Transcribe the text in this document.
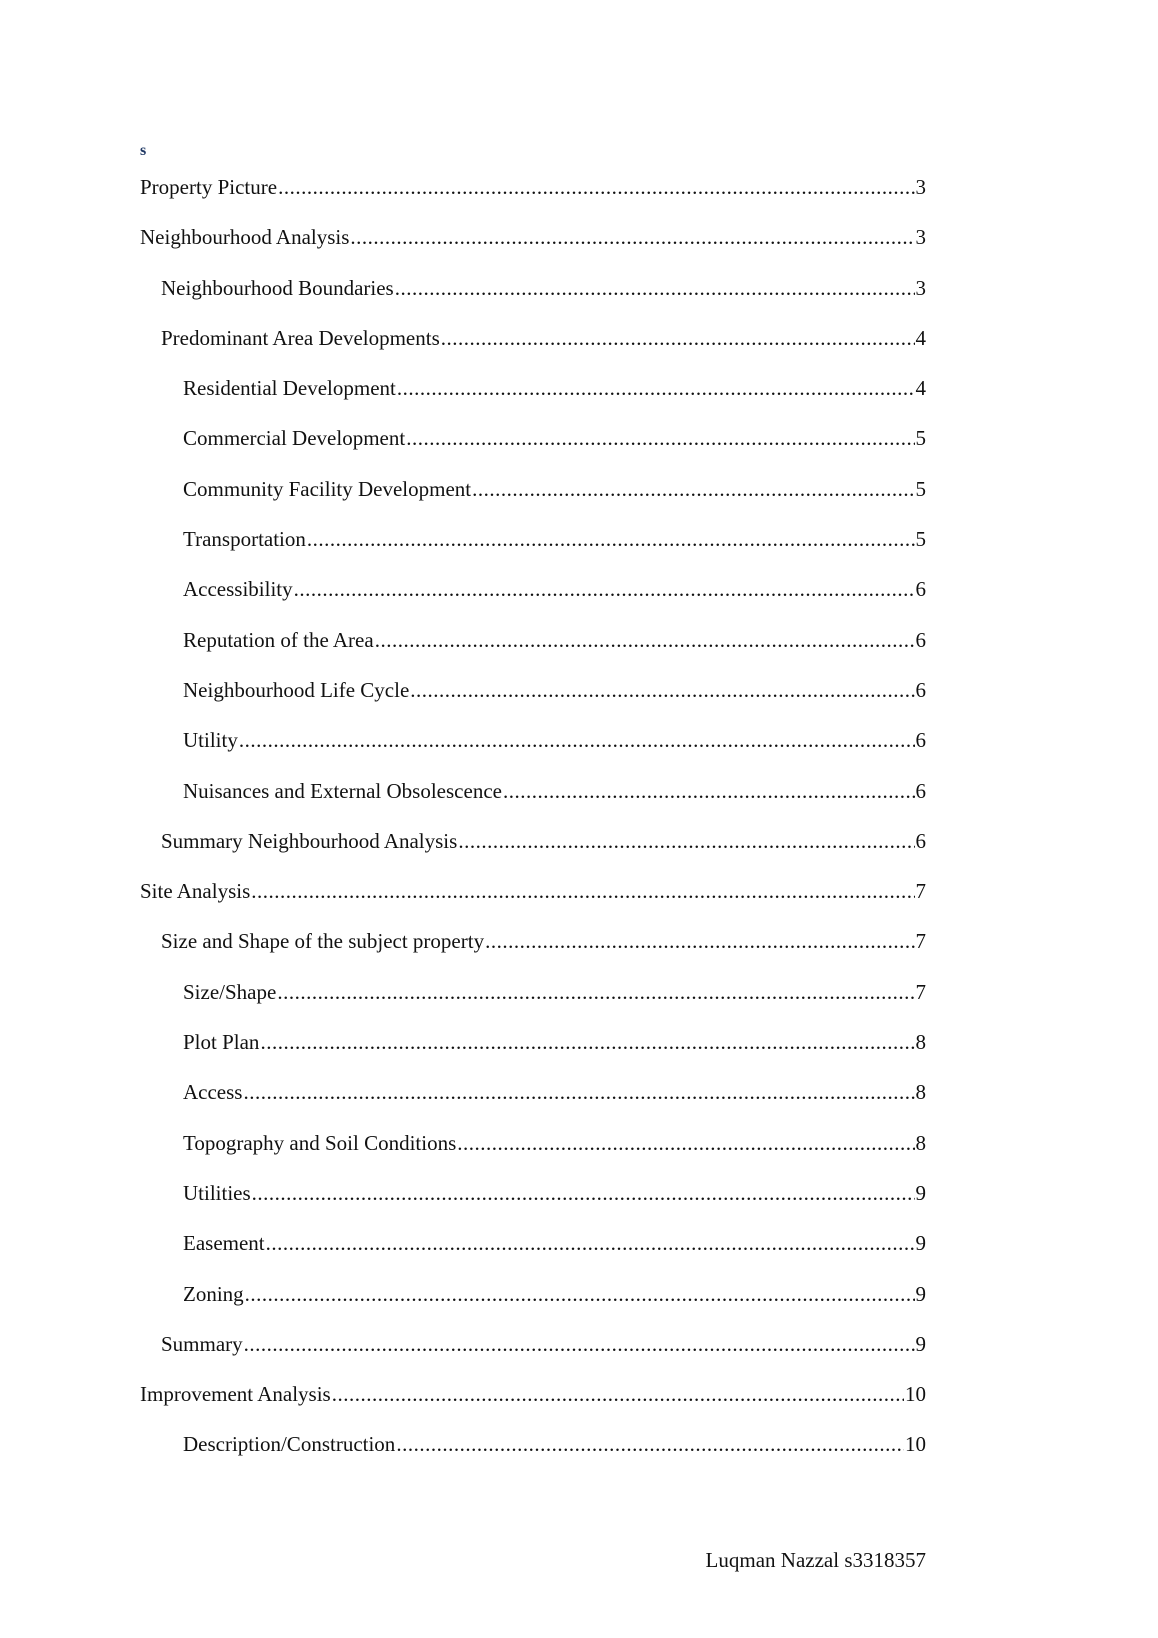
s
Property Picture .....	3
Neighbourhood Analysis .....	3
Neighbourhood Boundaries .....	3
Predominant Area Developments .....	4
Residential Development .....	4
Commercial Development .....	5
Community Facility Development .....	5
Transportation .....	5
Accessibility .....	6
Reputation of the Area .....	6
Neighbourhood Life Cycle .....	6
Utility .....	6
Nuisances and External Obsolescence .....	6
Summary Neighbourhood Analysis .....	6
Site Analysis .....	7
Size and Shape of the subject property .....	7
Size/Shape .....	7
Plot Plan .....	8
Access .....	8
Topography and Soil Conditions .....	8
Utilities .....	9
Easement .....	9
Zoning .....	9
Summary .....	9
Improvement Analysis .....	10
Description/Construction .....	10
Luqman Nazzal s3318357
